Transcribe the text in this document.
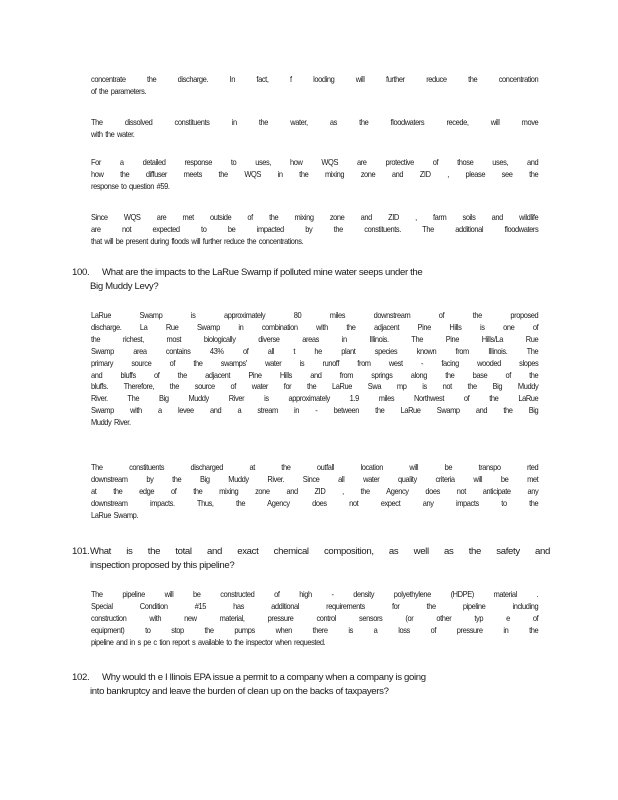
concentrate the discharge. In fact, f looding will further reduce the concentration
of the parameters.
The dissolved constituents in the water, as the floodwaters recede, will move
with the water.
For a detailed response to uses, how WQS are protective of those uses, and
how the diffuser meets the WQS in the mixing zone and ZID , please see the
response to question #59.
Since WQS are met outside of the mixing zone and ZID , farm soils and wildlife
are not expected to be impacted by the constituents. The additional floodwaters
that will be present during floods will further reduce the concentrations.
100.	What are the impacts to the LaRue Swamp if polluted mine water seeps under the
Big Muddy Levy?
LaRue Swamp is approximately 80 miles downstream of the proposed
discharge. La Rue Swamp in combination with the adjacent Pine Hills is one of
the richest, most biologically diverse areas in Illinois. The Pine Hills/La Rue
Swamp area contains 43% of all t he plant species known from Illinois. The
primary source of the swamps' water is runoff from west - facing wooded slopes
and bluffs of the adjacent Pine Hills and from springs along the base of the
bluffs. Therefore, the source of water for the LaRue Swa mp is not the Big Muddy
River. The Big Muddy River is approximately 1.9 miles Northwest of the LaRue
Swamp with a levee and a stream in - between the LaRue Swamp and the Big
Muddy River.
The constituents discharged at the outfall location will be transpo rted
downstream by the Big Muddy River. Since all water quality criteria will be met
at the edge of the mixing zone and ZID , the Agency does not anticipate any
downstream impacts. Thus, the Agency does not expect any impacts to the
LaRue Swamp.
101. What is the total and exact chemical composition, as well as the safety and
inspection proposed by this pipeline?
The pipeline will be constructed of high - density polyethylene (HDPE) material .
Special Condition #15 has additional requirements for the pipeline including
construction with new material, pressure control sensors (or other typ e of
equipment) to stop the pumps when there is a loss of pressure in the
pipeline and in s pe c tion report s available to the inspector when requested.
102.	Why would th e I llinois EPA issue a permit to a company when a company is going
into bankruptcy and leave the burden of clean up on the backs of taxpayers?
